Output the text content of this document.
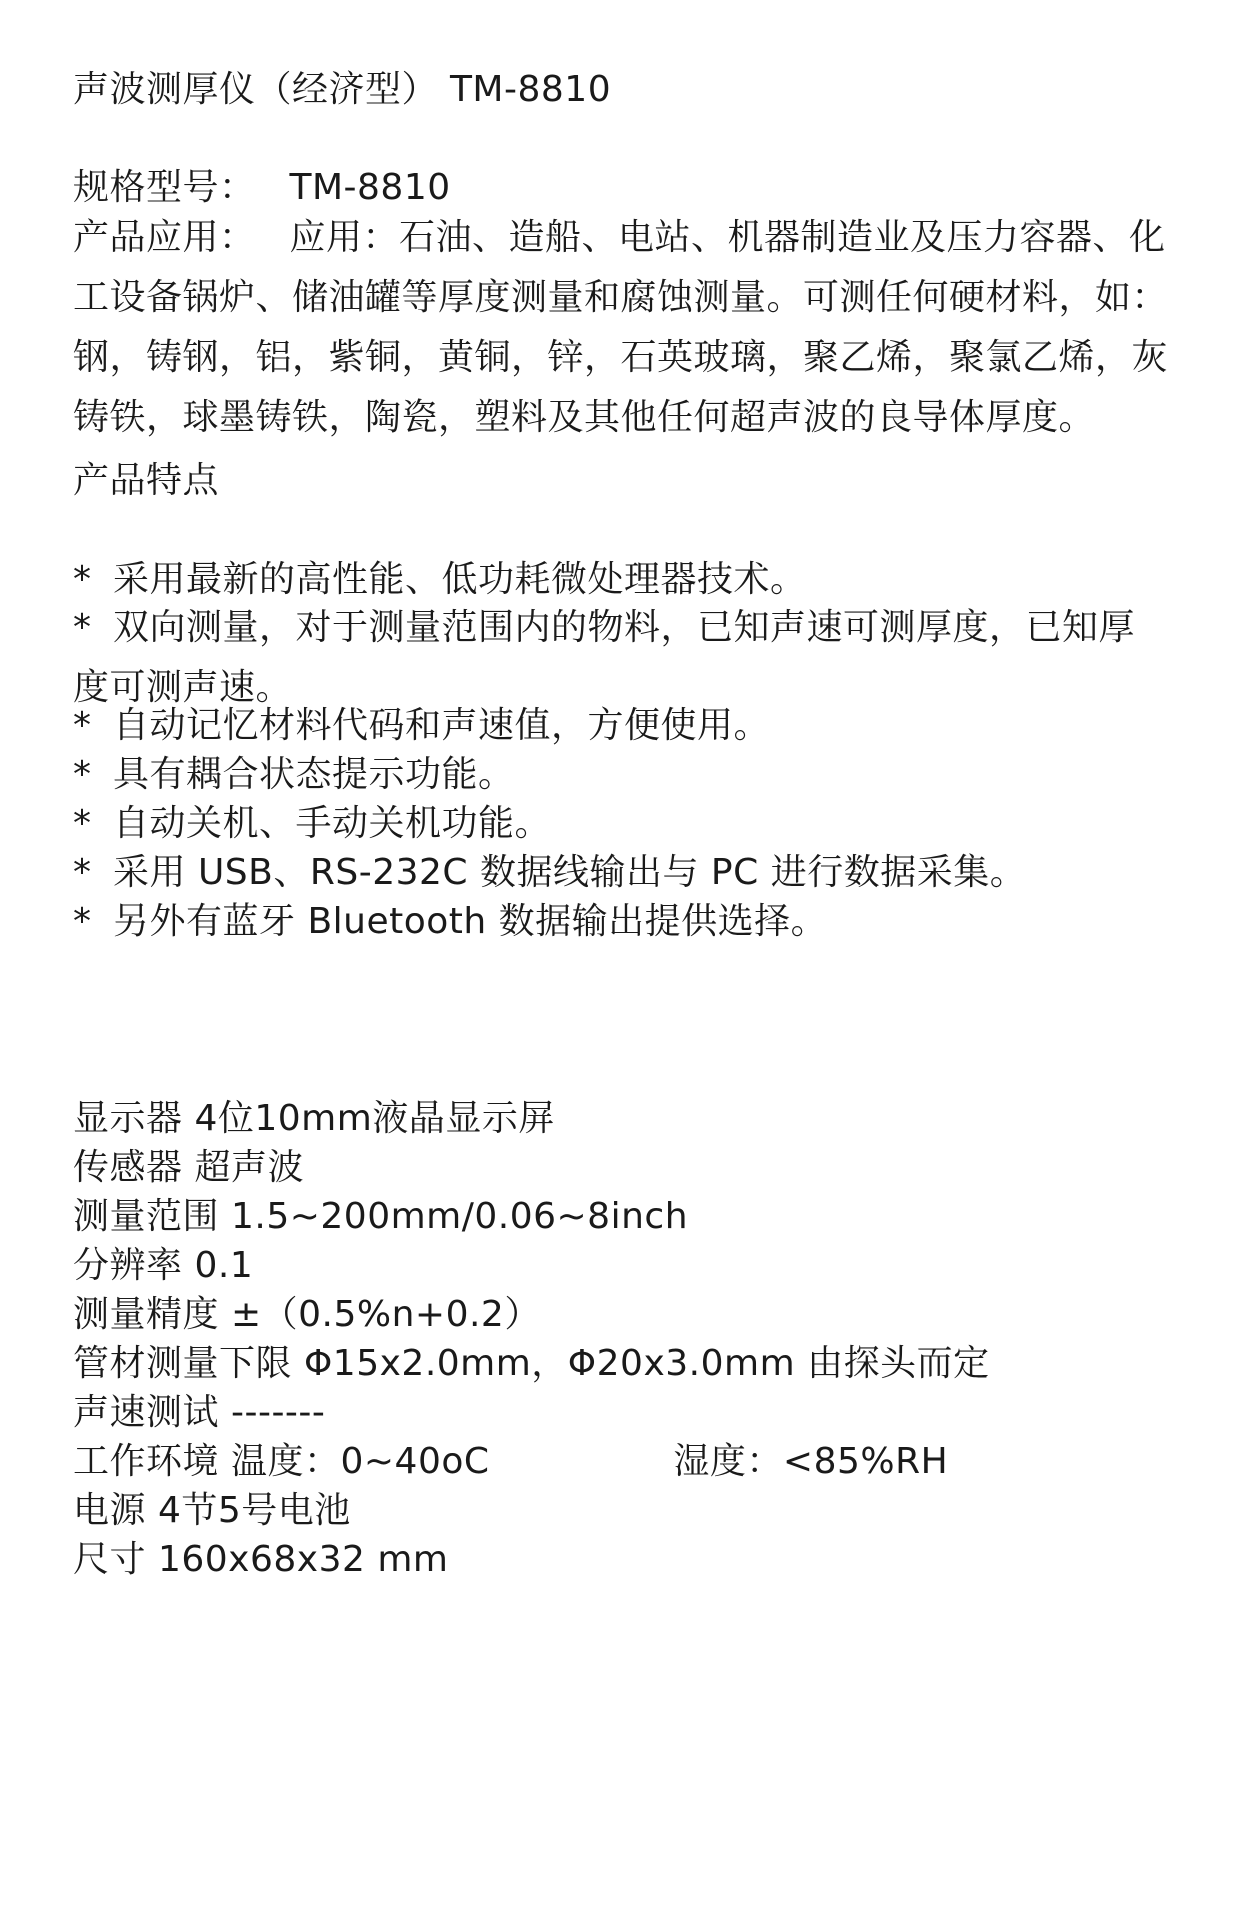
声波测厚仪（经济型） TM-8810
规格型号： TM-8810
产品应用： 应用：石油、造船、电站、机器制造业及压力容器、化工设备锅炉、储油罐等厚度测量和腐蚀测量。可测任何硬材料，如：钢，铸钢，铝，紫铜，黄铜，锌，石英玻璃，聚乙烯，聚氯乙烯，灰铸铁，球墨铸铁，陶瓷，塑料及其他任何超声波的良导体厚度。
产品特点
* 采用最新的高性能、低功耗微处理器技术。
* 双向测量，对于测量范围内的物料，已知声速可测厚度，已知厚度可测声速。
* 自动记忆材料代码和声速值，方便使用。
* 具有耦合状态提示功能。
* 自动关机、手动关机功能。
* 采用 USB、RS-232C 数据线输出与 PC 进行数据采集。
* 另外有蓝牙 Bluetooth 数据输出提供选择。
显示器 4位10mm液晶显示屏
传感器 超声波
测量范围 1.5~200mm/0.06~8inch
分辨率 0.1
测量精度 ±（0.5%n+0.2）
管材测量下限 Φ15x2.0mm，Φ20x3.0mm 由探头而定
声速测试 -------
工作环境 温度：0~40oC	湿度：<85%RH
电源 4节5号电池
尺寸 160x68x32 mm
